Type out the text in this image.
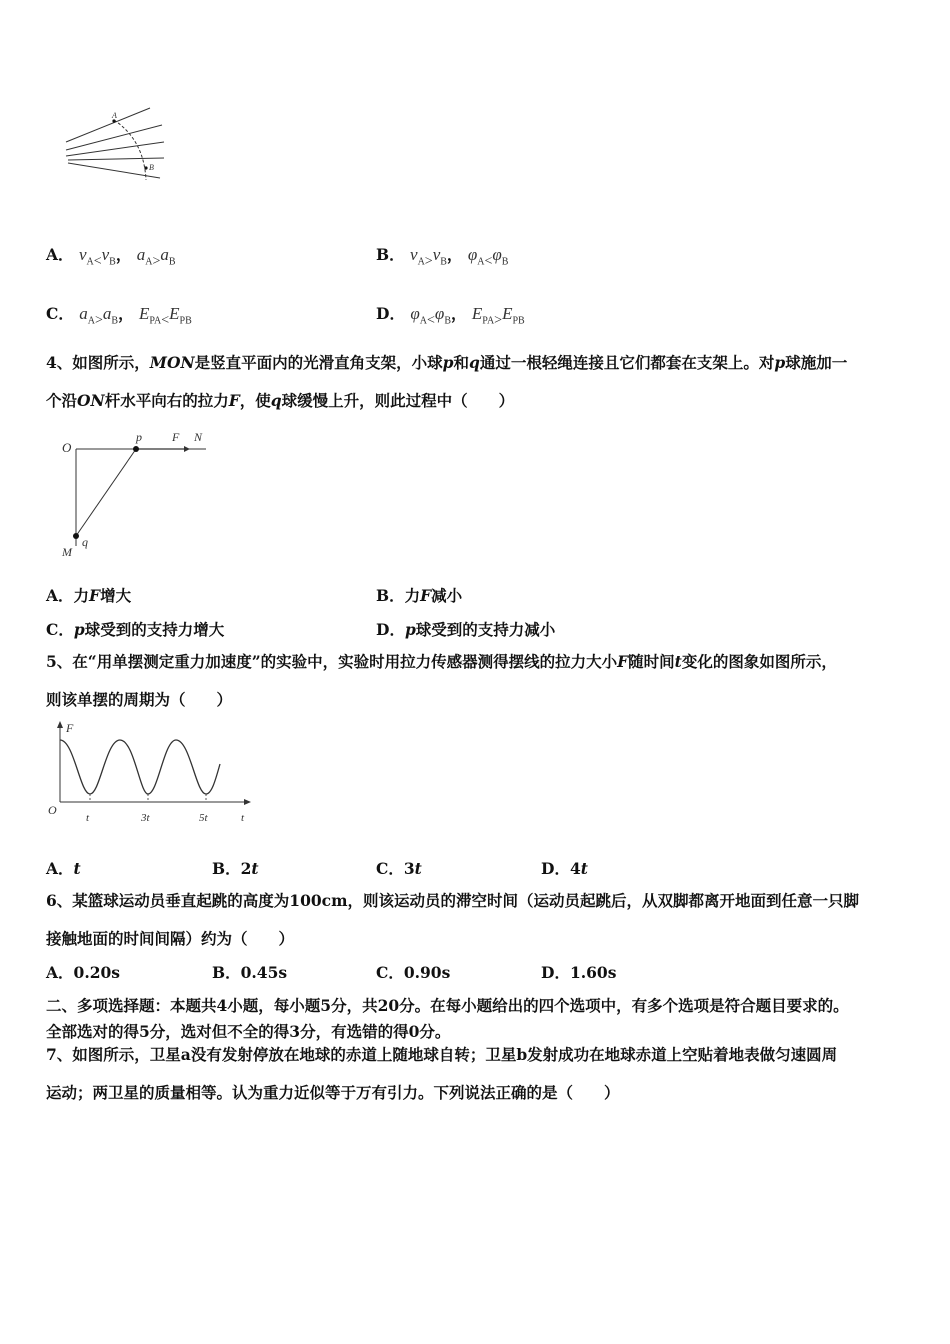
A
B
A． $v_{A<}v_B$， $a_{A>}a_B$	B． $v_{A>}v_B$， $\varphi_{A<}\varphi_B$
C． $a_{A>}a_B$， $E_{PA<}E_{PB}$	D． $\varphi_{A<}\varphi_B$， $E_{PA>}E_{PB}$
4、如图所示，MON是竖直平面内的光滑直角支架，小球p和q通过一根轻绳连接且它们都套在支架上。对p球施加一
个沿ON杆水平向右的拉力F，使q球缓慢上升，则此过程中（　　）
O
p	F N
M
q
A．力F增大	B．力F减小
C．p球受到的支持力增大	D．p球受到的支持力减小
5、在“用单摆测定重力加速度”的实验中，实验时用拉力传感器测得摆线的拉力大小F随时间t变化的图象如图所示，
则该单摆的周期为（　　）
F
O
t	3t	5t	t
A．t	B．2t	C．3t	D．4t
6、某篮球运动员垂直起跳的高度为100cm，则该运动员的滞空时间（运动员起跳后，从双脚都离开地面到任意一只脚
接触地面的时间间隔）约为（　　）
A．0.20s	B．0.45s	C．0.90s	D．1.60s
二、多项选择题：本题共4小题，每小题5分，共20分。在每小题给出的四个选项中，有多个选项是符合题目要求的。
全部选对的得5分，选对但不全的得3分，有选错的得0分。
7、如图所示，卫星a没有发射停放在地球的赤道上随地球自转；卫星b发射成功在地球赤道上空贴着地表做匀速圆周
运动；两卫星的质量相等。认为重力近似等于万有引力。下列说法正确的是（　　）
